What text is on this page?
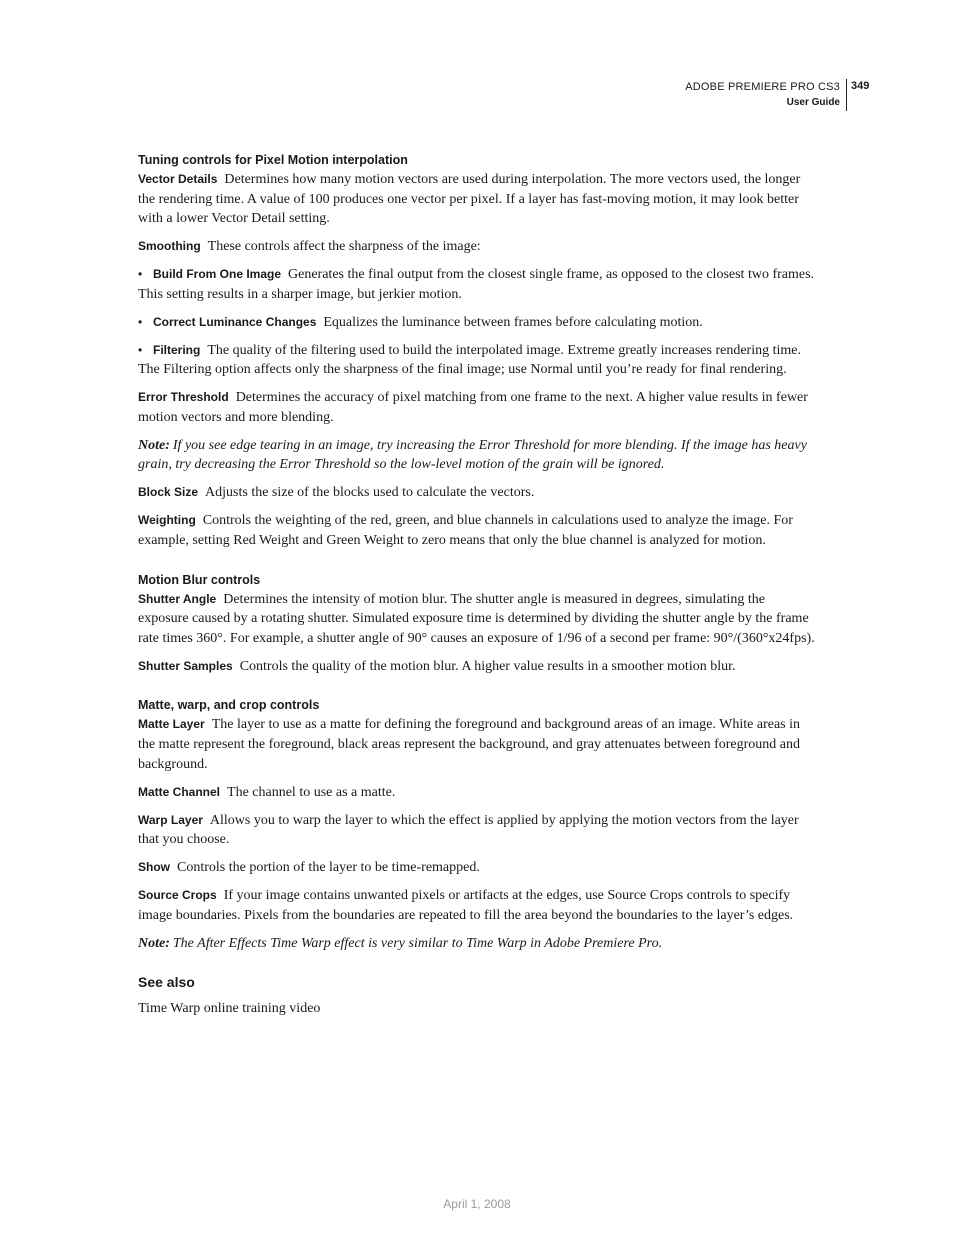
ADOBE PREMIERE PRO CS3
User Guide
349

Tuning controls for Pixel Motion interpolation

Vector Details Determines how many motion vectors are used during interpolation. The more vectors used, the longer the rendering time. A value of 100 produces one vector per pixel. If a layer has fast-moving motion, it may look better with a lower Vector Detail setting.

Smoothing These controls affect the sharpness of the image:

• Build From One Image Generates the final output from the closest single frame, as opposed to the closest two frames. This setting results in a sharper image, but jerkier motion.

• Correct Luminance Changes Equalizes the luminance between frames before calculating motion.

• Filtering The quality of the filtering used to build the interpolated image. Extreme greatly increases rendering time. The Filtering option affects only the sharpness of the final image; use Normal until you’re ready for final rendering.

Error Threshold Determines the accuracy of pixel matching from one frame to the next. A higher value results in fewer motion vectors and more blending.

Note: If you see edge tearing in an image, try increasing the Error Threshold for more blending. If the image has heavy grain, try decreasing the Error Threshold so the low-level motion of the grain will be ignored.

Block Size Adjusts the size of the blocks used to calculate the vectors.

Weighting Controls the weighting of the red, green, and blue channels in calculations used to analyze the image. For example, setting Red Weight and Green Weight to zero means that only the blue channel is analyzed for motion.

Motion Blur controls

Shutter Angle Determines the intensity of motion blur. The shutter angle is measured in degrees, simulating the exposure caused by a rotating shutter. Simulated exposure time is determined by dividing the shutter angle by the frame rate times 360°. For example, a shutter angle of 90° causes an exposure of 1/96 of a second per frame: 90°/(360°x24fps).

Shutter Samples Controls the quality of the motion blur. A higher value results in a smoother motion blur.

Matte, warp, and crop controls

Matte Layer The layer to use as a matte for defining the foreground and background areas of an image. White areas in the matte represent the foreground, black areas represent the background, and gray attenuates between foreground and background.

Matte Channel The channel to use as a matte.

Warp Layer Allows you to warp the layer to which the effect is applied by applying the motion vectors from the layer that you choose.

Show Controls the portion of the layer to be time-remapped.

Source Crops If your image contains unwanted pixels or artifacts at the edges, use Source Crops controls to specify image boundaries. Pixels from the boundaries are repeated to fill the area beyond the boundaries to the layer’s edges.

Note: The After Effects Time Warp effect is very similar to Time Warp in Adobe Premiere Pro.

See also
Time Warp online training video
April 1, 2008
